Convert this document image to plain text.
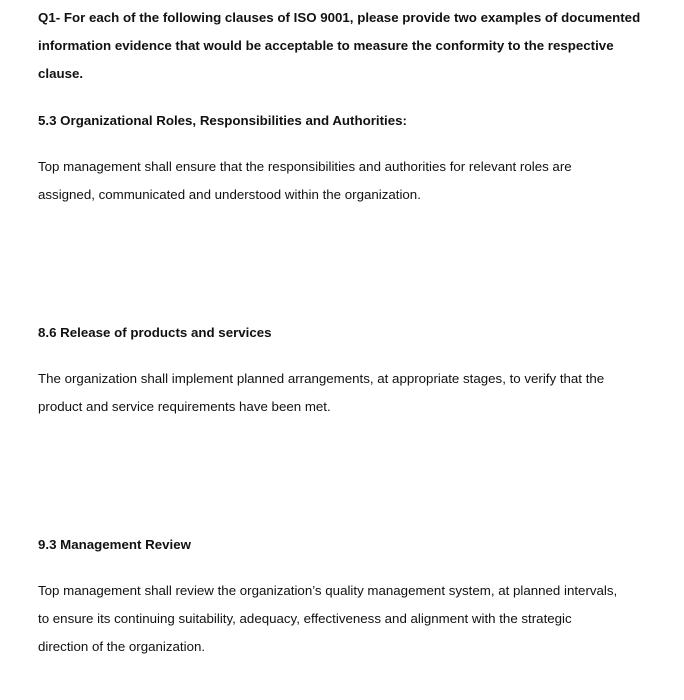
Q1- For each of the following clauses of ISO 9001, please provide two examples of documented
information evidence that would be acceptable to measure the conformity to the respective
clause.
5.3 Organizational Roles, Responsibilities and Authorities:
Top management shall ensure that the responsibilities and authorities for relevant roles are
assigned, communicated and understood within the organization.
8.6 Release of products and services
The organization shall implement planned arrangements, at appropriate stages, to verify that the
product and service requirements have been met.
9.3 Management Review
Top management shall review the organization’s quality management system, at planned intervals,
to ensure its continuing suitability, adequacy, effectiveness and alignment with the strategic
direction of the organization.
